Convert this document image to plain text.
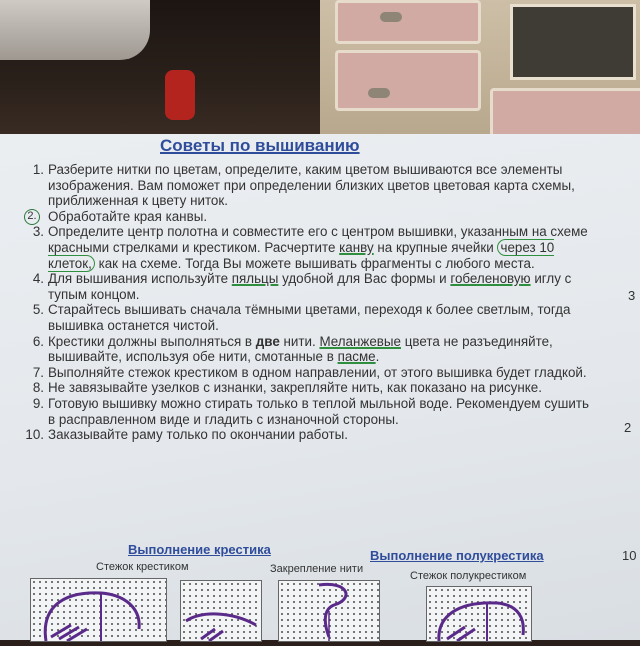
Советы по вышиванию
1. Разберите нитки по цветам, определите, каким цветом вышиваются все элементы изображения. Вам поможет при определении близких цветов цветовая карта схемы, приближенная к цвету ниток.
2. Обработайте края канвы.
3. Определите центр полотна и совместите его с центром вышивки, указанным на схеме красными стрелками и крестиком. Расчертите канву на крупные ячейки через 10 клеток, как на схеме. Тогда Вы можете вышивать фрагменты с любого места.
4. Для вышивания используйте пяльцы удобной для Вас формы и гобеленовую иглу с тупым концом.
5. Старайтесь вышивать сначала тёмными цветами, переходя к более светлым, тогда вышивка останется чистой.
6. Крестики должны выполняться в две нити. Меланжевые цвета не разъединяйте, вышивайте, используя обе нити, смотанные в пасме.
7. Выполняйте стежок крестиком в одном направлении, от этого вышивка будет гладкой.
8. Не завязывайте узелков с изнанки, закрепляйте нить, как показано на рисунке.
9. Готовую вышивку можно стирать только в теплой мыльной воде. Рекомендуем сушить в расправленном виде и гладить с изнаночной стороны.
10. Заказывайте раму только по окончании работы.
3
2
10
Выполнение крестика	Выполнение полукрестика
Стежок крестиком	Закрепление нити
Стежок полукрестиком
